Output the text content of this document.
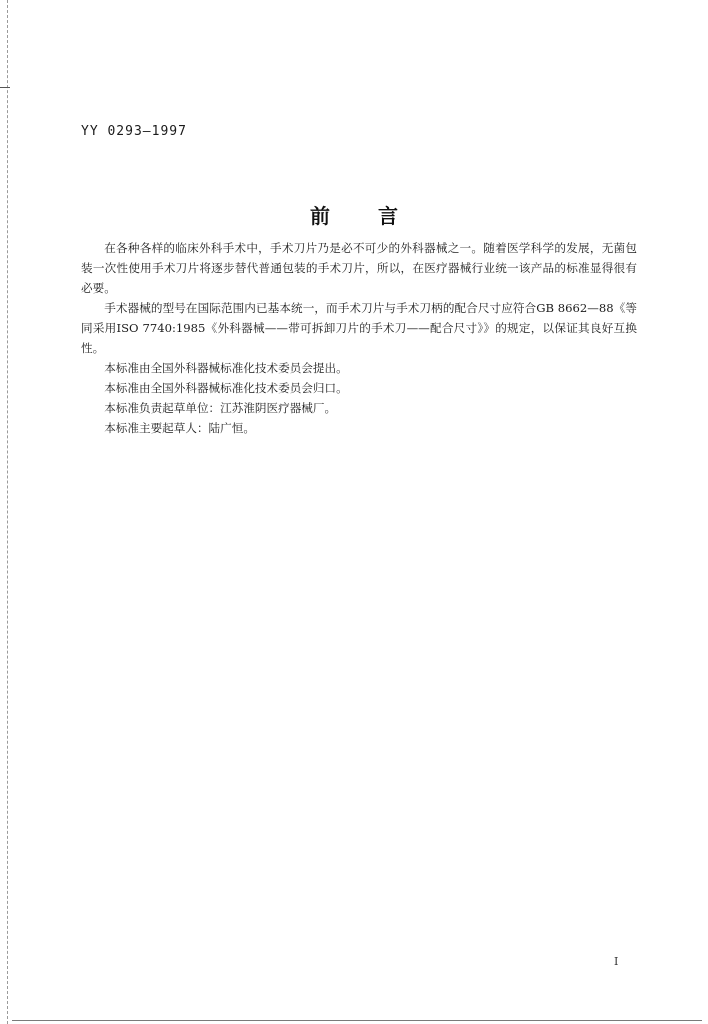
YY 0293—1997
前 言

在各种各样的临床外科手术中，手术刀片乃是必不可少的外科器械之一。随着医学科学的发展，无菌包装一次性使用手术刀片将逐步替代普通包装的手术刀片，所以，在医疗器械行业统一该产品的标准显得很有必要。

手术器械的型号在国际范围内已基本统一，而手术刀片与手术刀柄的配合尺寸应符合GB 8662—88《等同采用ISO 7740:1985《外科器械——带可拆卸刀片的手术刀——配合尺寸》》的规定，以保证其良好互换性。

本标准由全国外科器械标准化技术委员会提出。

本标准由全国外科器械标准化技术委员会归口。

本标准负责起草单位：江苏淮阴医疗器械厂。

本标准主要起草人：陆广恒。

I
